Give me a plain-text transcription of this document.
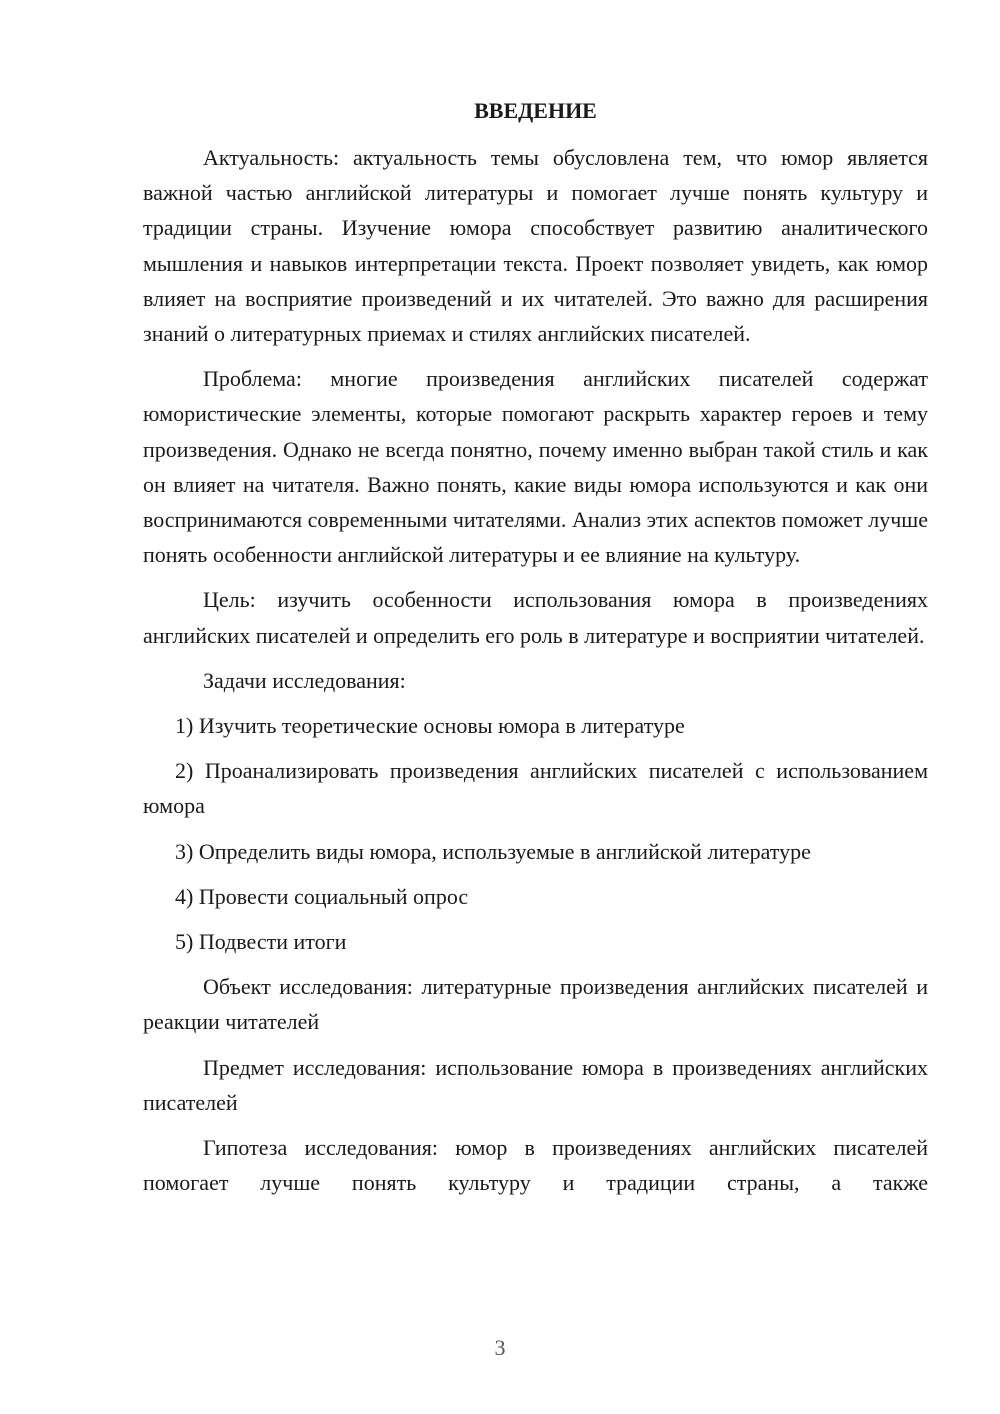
ВВЕДЕНИЕ

Актуальность: актуальность темы обусловлена тем, что юмор является важной частью английской литературы и помогает лучше понять культуру и традиции страны. Изучение юмора способствует развитию аналитического мышления и навыков интерпретации текста. Проект позволяет увидеть, как юмор влияет на восприятие произведений и их читателей. Это важно для расширения знаний о литературных приемах и стилях английских писателей.

Проблема: многие произведения английских писателей содержат юмористические элементы, которые помогают раскрыть характер героев и тему произведения. Однако не всегда понятно, почему именно выбран такой стиль и как он влияет на читателя. Важно понять, какие виды юмора используются и как они воспринимаются современными читателями. Анализ этих аспектов поможет лучше понять особенности английской литературы и ее влияние на культуру.

Цель: изучить особенности использования юмора в произведениях английских писателей и определить его роль в литературе и восприятии читателей.

Задачи исследования:

1) Изучить теоретические основы юмора в литературе

2) Проанализировать произведения английских писателей с использованием юмора

3) Определить виды юмора, используемые в английской литературе

4) Провести социальный опрос

5) Подвести итоги

Объект исследования: литературные произведения английских писателей и реакции читателей

Предмет исследования: использование юмора в произведениях английских писателей

Гипотеза исследования: юмор в произведениях английских писателей помогает лучше понять культуру и традиции страны, а также

3
